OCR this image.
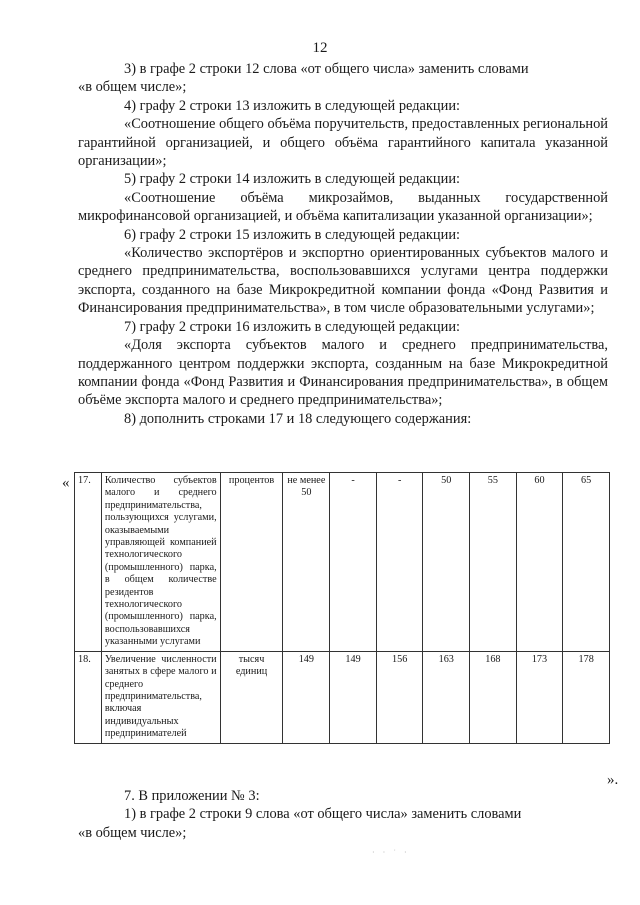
12

3) в графе 2 строки 12 слова «от общего числа» заменить словами

«в общем числе»;

4) графу 2 строки 13 изложить в следующей редакции:

«Соотношение общего объёма поручительств, предоставленных региональной гарантийной организацией, и общего объёма гарантийного капитала указанной организации»;

5) графу 2 строки 14 изложить в следующей редакции:

«Соотношение объёма микрозаймов, выданных государственной микрофинансовой организацией, и объёма капитализации указанной организации»;

6) графу 2 строки 15 изложить в следующей редакции:

«Количество экспортёров и экспортно ориентированных субъектов малого и среднего предпринимательства, воспользовавшихся услугами центра поддержки экспорта, созданного на базе Микрокредитной компании фонда «Фонд Развития и Финансирования предпринимательства», в том числе образовательными услугами»;

7) графу 2 строки 16 изложить в следующей редакции:

«Доля экспорта субъектов малого и среднего предпринимательства, поддержанного центром поддержки экспорта, созданным на базе Микрокредитной компании фонда «Фонд Развития и Финансирования предпринимательства», в общем объёме экспорта малого и среднего предпринимательства»;

8) дополнить строками 17 и 18 следующего содержания:

« 17.	Количество субъектов малого и среднего предпринимательства, пользующихся услугами, оказываемыми управляющей компанией технологического (промышленного) парка, в общем количестве резидентов технологического (промышленного) парка, воспользовавшихся указанными услугами	процентов	не менее 50	-	-	50	55	60	65
18.	Увеличение численности занятых в сфере малого и среднего предпринимательства, включая индивидуальных предпринимателей	тысяч единиц	149	149	156	163	168	173	178
».

7. В приложении № 3:

1) в графе 2 строки 9 слова «от общего числа» заменить словами

«в общем числе»;

· · ˙ ·
